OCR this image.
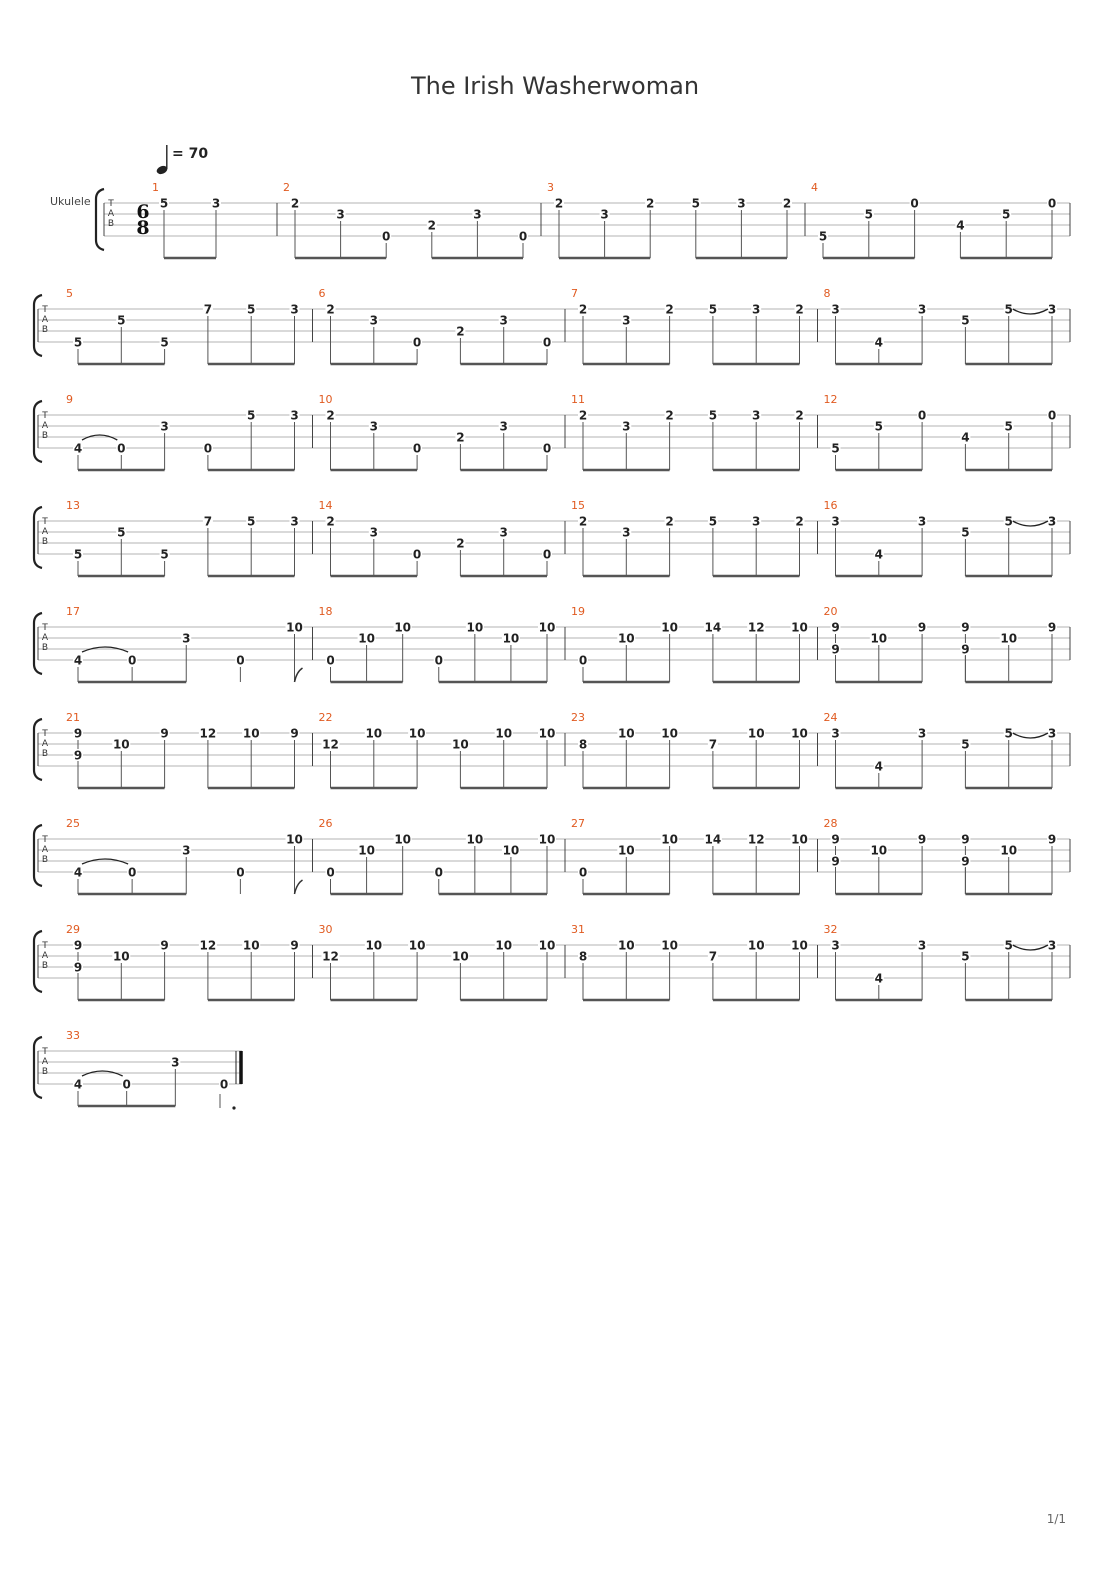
The Irish Washerwoman
= 70
Ukulele T
A
B
6
8
1
5	3
2
2
3
0
2
3
0
3
2
3
2	5	3	2
4
5
5
0
4
5
0
T
A
B
5
5
5
5
7	5	3
6
2
3
0
2
3
0
7
2
3
2	5	3	2
8
3
4
3
5
5	3
T
A
B
9
4	0
3
0
5	3
10
2
3
0
2
3
0
11
2
3
2	5	3	2
12
5
5
0
4
5
0
T
A
B
13
5
5
5
7	5	3
14
2
3
0
2
3
0
15
2
3
2	5	3	2
16
3
4
3
5
5	3
T
A
B
17
4	0
3
0
10
18
0
10
10
0
10
10
10
19
0
10
10 14 12 10
20
9
9
10
9	9
9
10
9
T
A
B
21
9
9
10
9	12 10	9
22
12
10 10
10
10 10
23
8
10 10
7
10 10
24
3
4
3
5
5	3
T
A
B
25
4	0
3
0
10
26
0
10
10
0
10
10
10
27
0
10
10 14 12 10
28
9
9
10
9	9
9
10
9
T
A
B
29
9
9
10
9	12 10	9
30
12
10 10
10
10 10
31
8
10 10
7
10 10
32
3
4
3
5
5	3
T
A
B
33
4	0
3
0
1/1
